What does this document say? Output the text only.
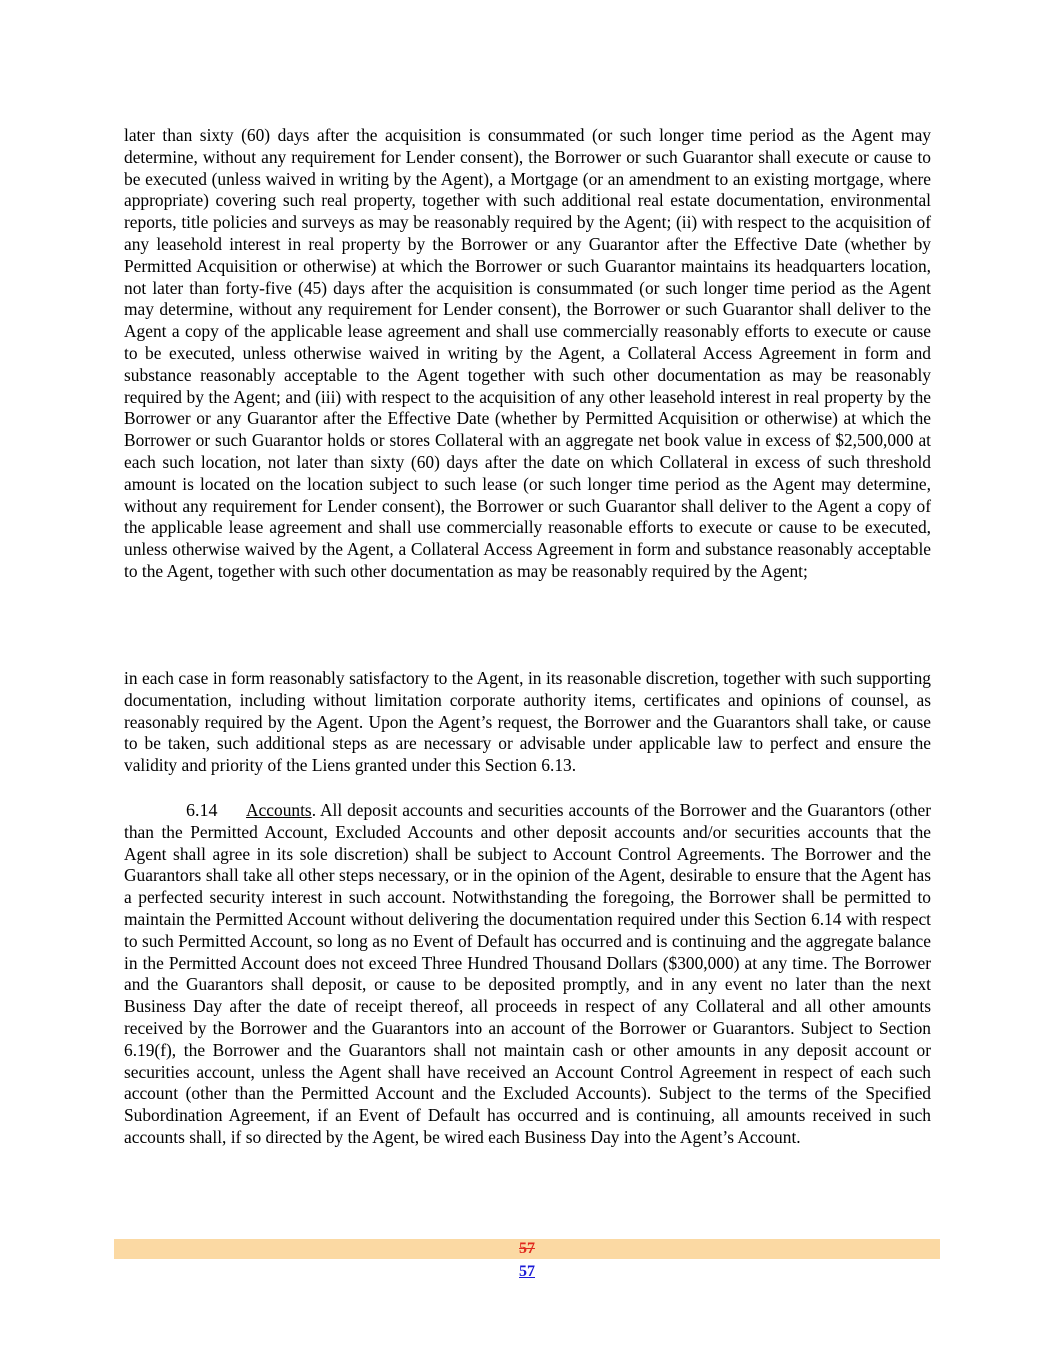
later than sixty (60) days after the acquisition is consummated (or such longer time period as the Agent may determine, without any requirement for Lender consent), the Borrower or such Guarantor shall execute or cause to be executed (unless waived in writing by the Agent), a Mortgage (or an amendment to an existing mortgage, where appropriate) covering such real property, together with such additional real estate documentation, environmental reports, title policies and surveys as may be reasonably required by the Agent; (ii) with respect to the acquisition of any leasehold interest in real property by the Borrower or any Guarantor after the Effective Date (whether by Permitted Acquisition or otherwise) at which the Borrower or such Guarantor maintains its headquarters location, not later than forty-five (45) days after the acquisition is consummated (or such longer time period as the Agent may determine, without any requirement for Lender consent), the Borrower or such Guarantor shall deliver to the Agent a copy of the applicable lease agreement and shall use commercially reasonably efforts to execute or cause to be executed, unless otherwise waived in writing by the Agent, a Collateral Access Agreement in form and substance reasonably acceptable to the Agent together with such other documentation as may be reasonably required by the Agent; and (iii) with respect to the acquisition of any other leasehold interest in real property by the Borrower or any Guarantor after the Effective Date (whether by Permitted Acquisition or otherwise) at which the Borrower or such Guarantor holds or stores Collateral with an aggregate net book value in excess of $2,500,000 at each such location, not later than sixty (60) days after the date on which Collateral in excess of such threshold amount is located on the location subject to such lease (or such longer time period as the Agent may determine, without any requirement for Lender consent), the Borrower or such Guarantor shall deliver to the Agent a copy of the applicable lease agreement and shall use commercially reasonable efforts to execute or cause to be executed, unless otherwise waived by the Agent, a Collateral Access Agreement in form and substance reasonably acceptable to the Agent, together with such other documentation as may be reasonably required by the Agent;

in each case in form reasonably satisfactory to the Agent, in its reasonable discretion, together with such supporting documentation, including without limitation corporate authority items, certificates and opinions of counsel, as reasonably required by the Agent. Upon the Agent’s request, the Borrower and the Guarantors shall take, or cause to be taken, such additional steps as are necessary or advisable under applicable law to perfect and ensure the validity and priority of the Liens granted under this Section 6.13.

6.14 Accounts. All deposit accounts and securities accounts of the Borrower and the Guarantors (other than the Permitted Account, Excluded Accounts and other deposit accounts and/or securities accounts that the Agent shall agree in its sole discretion) shall be subject to Account Control Agreements. The Borrower and the Guarantors shall take all other steps necessary, or in the opinion of the Agent, desirable to ensure that the Agent has a perfected security interest in such account. Notwithstanding the foregoing, the Borrower shall be permitted to maintain the Permitted Account without delivering the documentation required under this Section 6.14 with respect to such Permitted Account, so long as no Event of Default has occurred and is continuing and the aggregate balance in the Permitted Account does not exceed Three Hundred Thousand Dollars ($300,000) at any time. The Borrower and the Guarantors shall deposit, or cause to be deposited promptly, and in any event no later than the next Business Day after the date of receipt thereof, all proceeds in respect of any Collateral and all other amounts received by the Borrower and the Guarantors into an account of the Borrower or Guarantors. Subject to Section 6.19(f), the Borrower and the Guarantors shall not maintain cash or other amounts in any deposit account or securities account, unless the Agent shall have received an Account Control Agreement in respect of each such account (other than the Permitted Account and the Excluded Accounts). Subject to the terms of the Specified Subordination Agreement, if an Event of Default has occurred and is continuing, all amounts received in such accounts shall, if so directed by the Agent, be wired each Business Day into the Agent’s Account.

57
57
